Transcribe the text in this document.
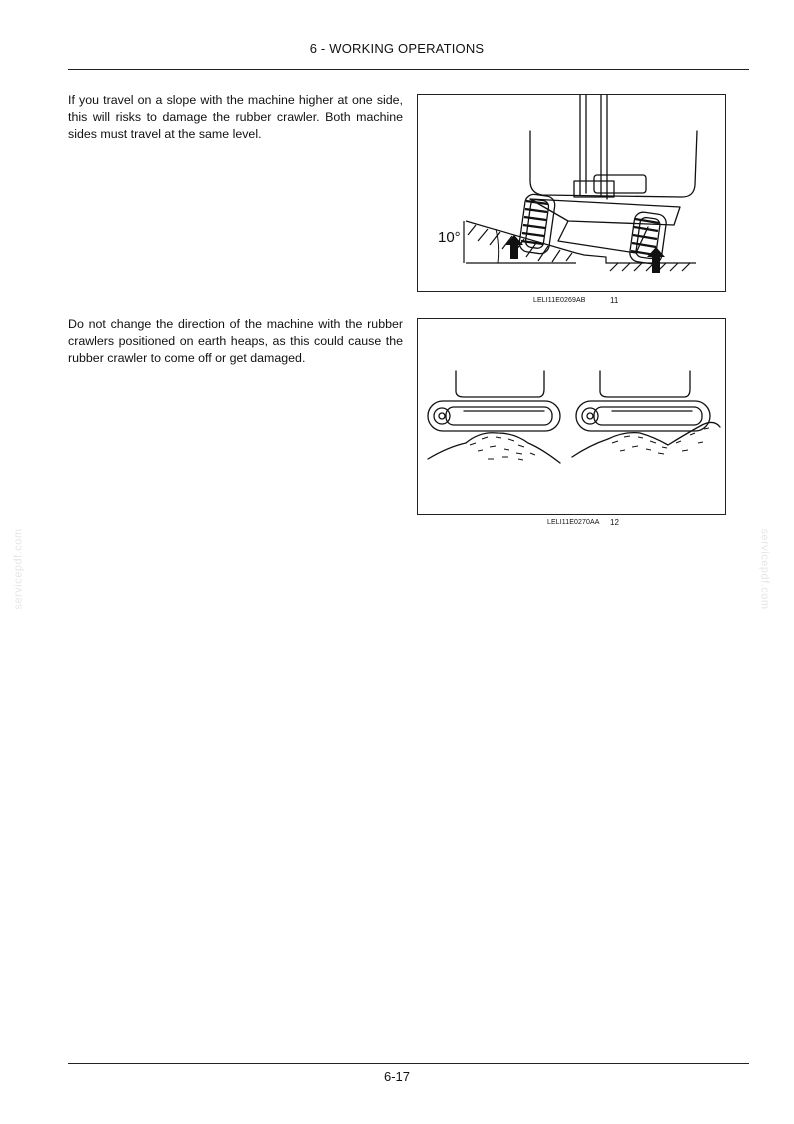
6 - WORKING OPERATIONS
If you travel on a slope with the machine higher at one side, this will risks to damage the rubber crawler. Both machine sides must travel at the same level.
10°
LELI11E0269AB	11
Do not change the direction of the machine with the rubber crawlers positioned on earth heaps, as this could cause the rubber crawler to come off or get damaged.
LELI11E0270AA 12
servicepdf.com	servicepdf.com
6-17
